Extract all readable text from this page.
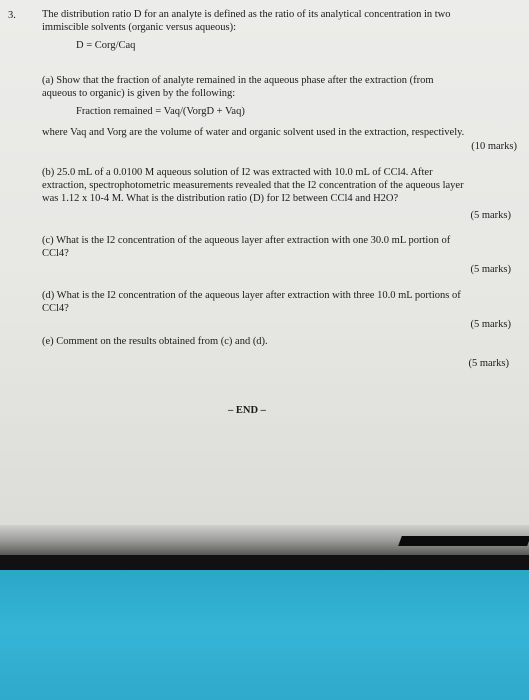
3. The distribution ratio D for an analyte is defined as the ratio of its analytical concentration in two
immiscible solvents (organic versus aqueous):
D = Corg/Caq
(a) Show that the fraction of analyte remained in the aqueous phase after the extraction (from
aqueous to organic) is given by the following:
Fraction remained = Vaq/(VorgD + Vaq)
where Vaq and Vorg are the volume of water and organic solvent used in the extraction, respectively.
(10 marks)
(b) 25.0 mL of a 0.0100 M aqueous solution of I2 was extracted with 10.0 mL of CCl4. After
extraction, spectrophotometric measurements revealed that the I2 concentration of the aqueous layer
was 1.12 x 10-4 M. What is the distribution ratio (D) for I2 between CCl4 and H2O?
(5 marks)
(c) What is the I2 concentration of the aqueous layer after extraction with one 30.0 mL portion of
CCl4?
(5 marks)
(d) What is the I2 concentration of the aqueous layer after extraction with three 10.0 mL portions of
CCl4?
(5 marks)
(e) Comment on the results obtained from (c) and (d).
(5 marks)
– END –
